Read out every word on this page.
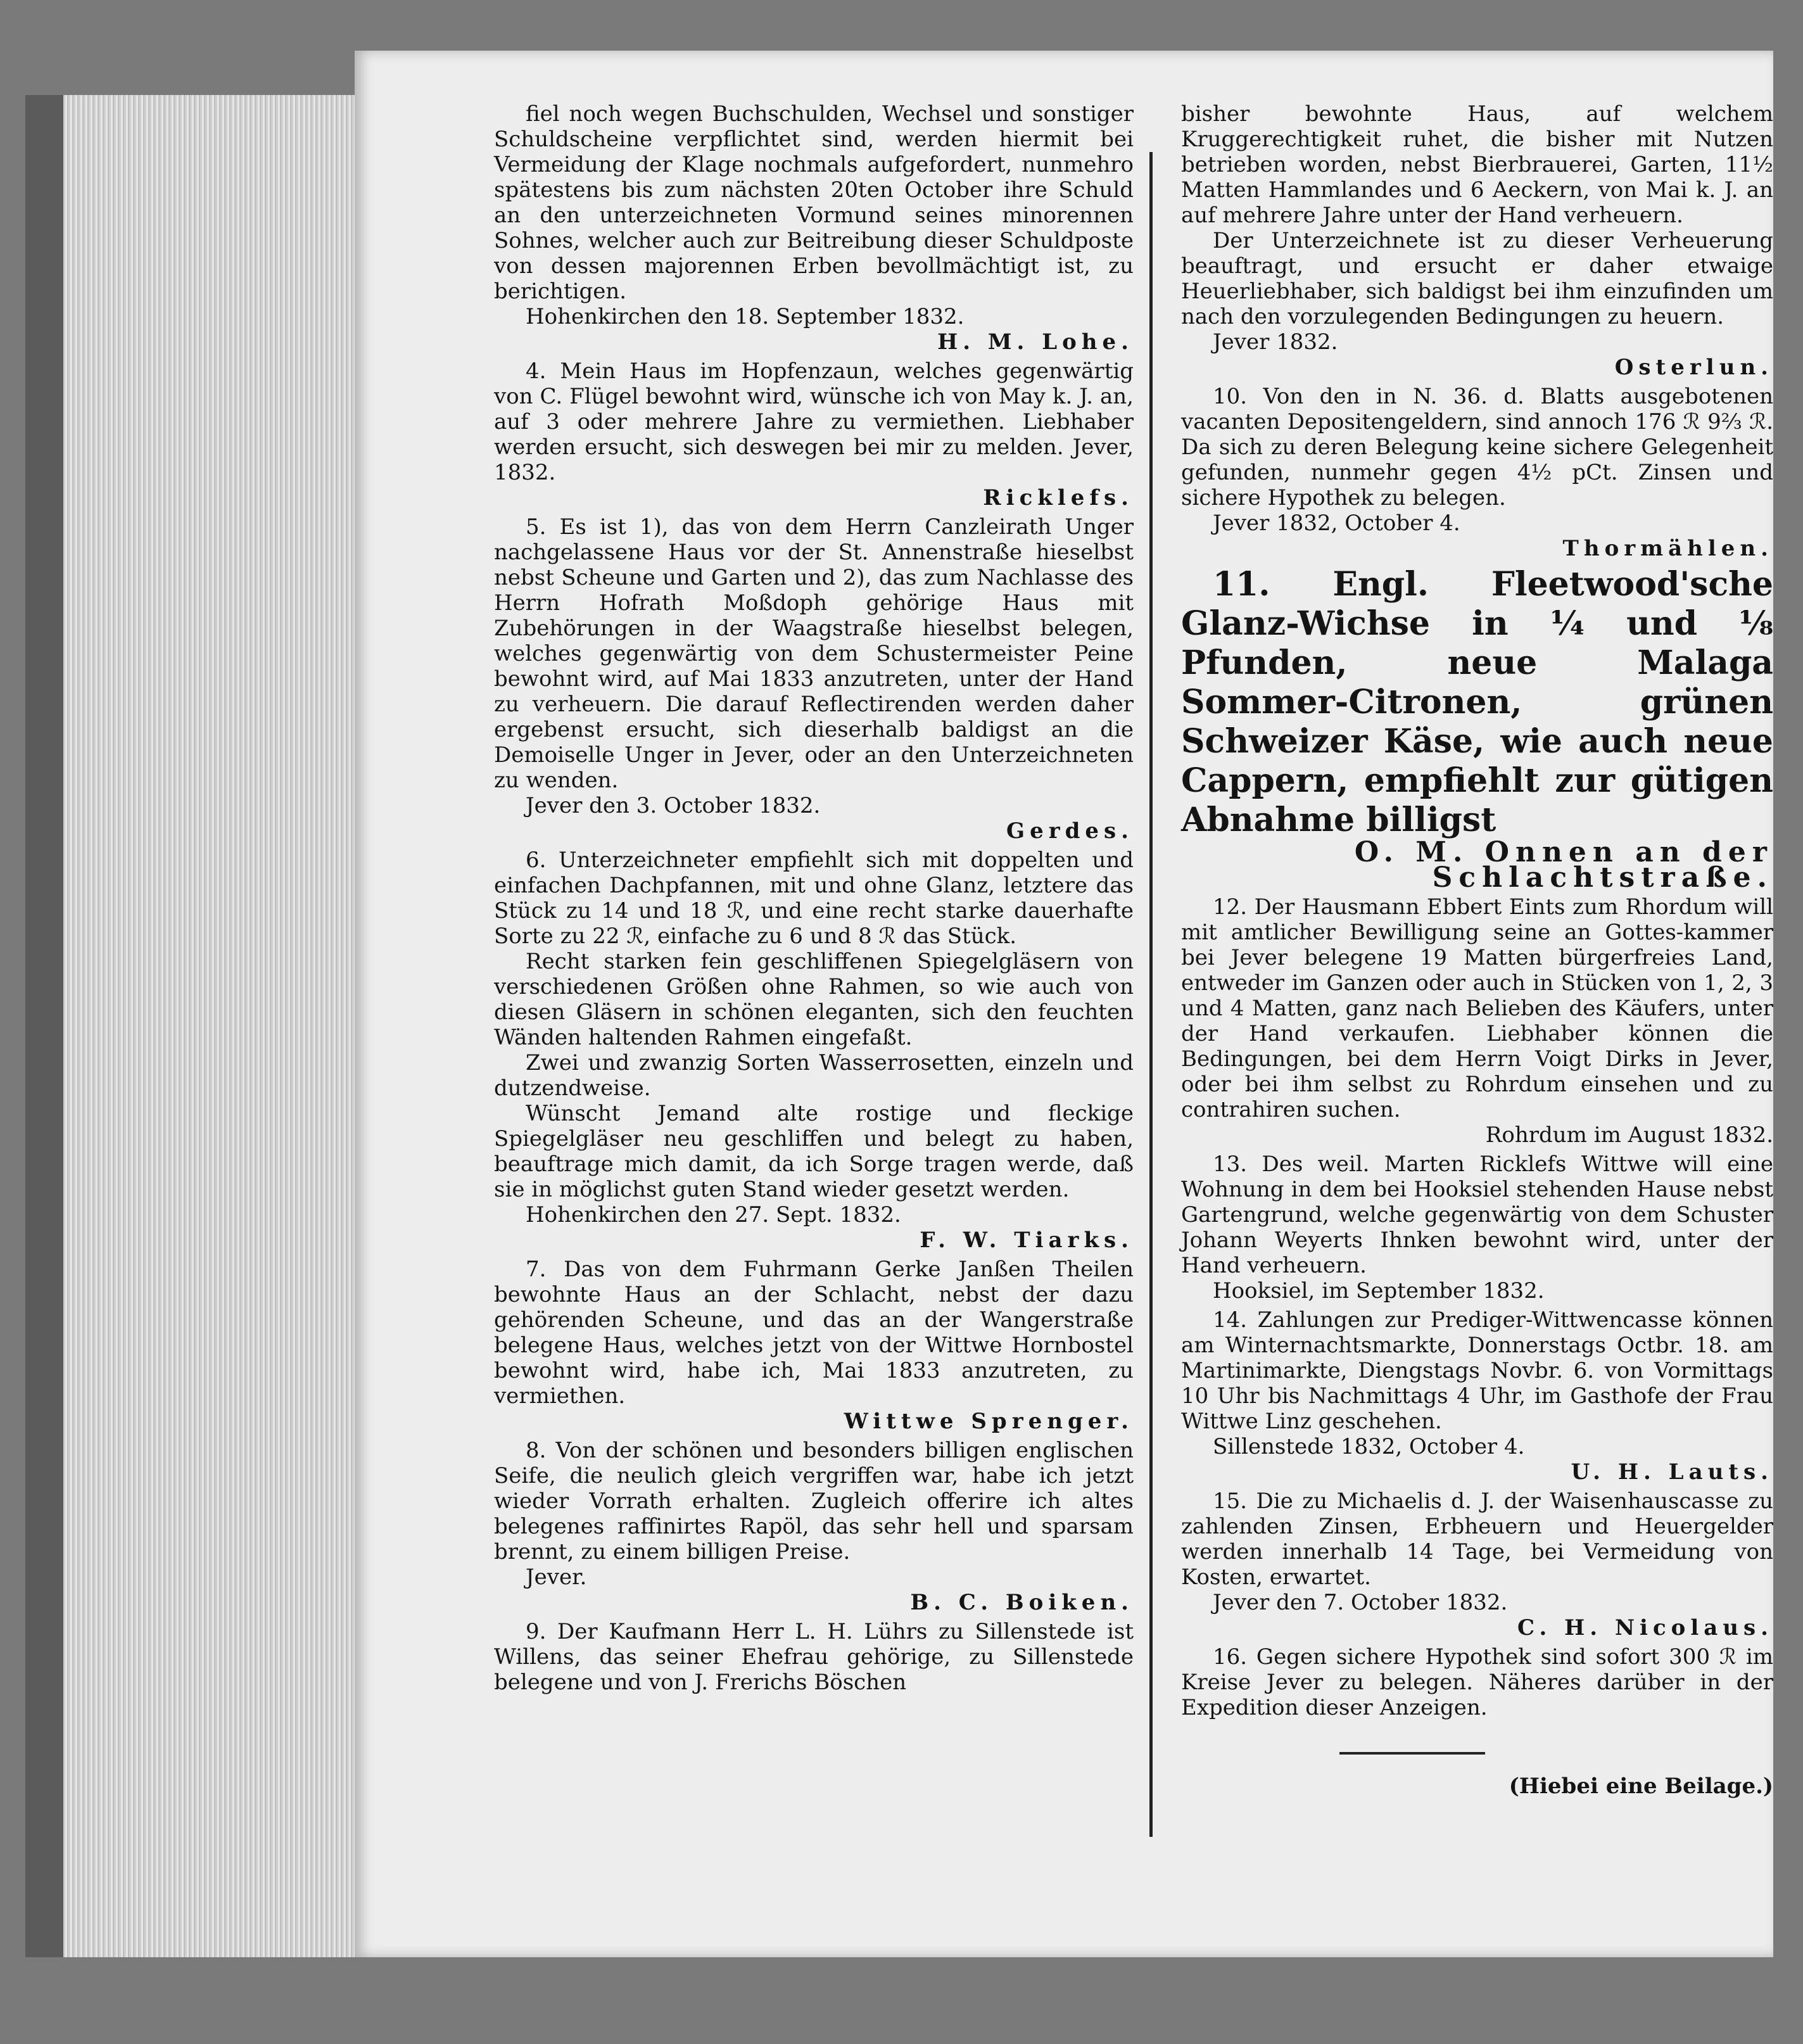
fiel noch wegen Buchschulden, Wechsel und sonstiger Schuldscheine verpflichtet sind, werden hiermit bei Vermeidung der Klage nochmals aufgefordert, nunmehro spätestens bis zum nächsten 20ten October ihre Schuld an den unterzeichneten Vormund seines minorennen Sohnes, welcher auch zur Beitreibung dieser Schuldposte von dessen majorennen Erben bevollmächtigt ist, zu berichtigen.

Hohenkirchen den 18. September 1832.

H. M. Lohe.

4. Mein Haus im Hopfenzaun, welches gegenwärtig von C. Flügel bewohnt wird, wünsche ich von May k. J. an, auf 3 oder mehrere Jahre zu vermiethen. Liebhaber werden ersucht, sich deswegen bei mir zu melden. Jever, 1832.

Ricklefs.

5. Es ist 1), das von dem Herrn Canzleirath Unger nachgelassene Haus vor der St. Annenstraße hieselbst nebst Scheune und Garten und 2), das zum Nachlasse des Herrn Hofrath Moßdoph gehörige Haus mit Zubehörungen in der Waagstraße hieselbst belegen, welches gegenwärtig von dem Schustermeister Peine bewohnt wird, auf Mai 1833 anzutreten, unter der Hand zu verheuern. Die darauf Reflectirenden werden daher ergebenst ersucht, sich dieserhalb baldigst an die Demoiselle Unger in Jever, oder an den Unterzeichneten zu wenden.

Jever den 3. October 1832.

Gerdes.

6. Unterzeichneter empfiehlt sich mit doppelten und einfachen Dachpfannen, mit und ohne Glanz, letztere das Stück zu 14 und 18 ℛ, und eine recht starke dauerhafte Sorte zu 22 ℛ, einfache zu 6 und 8 ℛ das Stück.

Recht starken fein geschliffenen Spiegelgläsern von verschiedenen Größen ohne Rahmen, so wie auch von diesen Gläsern in schönen eleganten, sich den feuchten Wänden haltenden Rahmen eingefaßt.

Zwei und zwanzig Sorten Wasserrosetten, einzeln und dutzendweise.

Wünscht Jemand alte rostige und fleckige Spiegelgläser neu geschliffen und belegt zu haben, beauftrage mich damit, da ich Sorge tragen werde, daß sie in möglichst guten Stand wieder gesetzt werden.

Hohenkirchen den 27. Sept. 1832.

F. W. Tiarks.

7. Das von dem Fuhrmann Gerke Janßen Theilen bewohnte Haus an der Schlacht, nebst der dazu gehörenden Scheune, und das an der Wangerstraße belegene Haus, welches jetzt von der Wittwe Hornbostel bewohnt wird, habe ich, Mai 1833 anzutreten, zu vermiethen.

Wittwe Sprenger.

8. Von der schönen und besonders billigen englischen Seife, die neulich gleich vergriffen war, habe ich jetzt wieder Vorrath erhalten. Zugleich offerire ich altes belegenes raffinirtes Rapöl, das sehr hell und sparsam brennt, zu einem billigen Preise.

Jever.

B. C. Boiken.

9. Der Kaufmann Herr L. H. Lührs zu Sillenstede ist Willens, das seiner Ehefrau gehörige, zu Sillenstede belegene und von J. Frerichs Böschen

bisher bewohnte Haus, auf welchem Kruggerechtigkeit ruhet, die bisher mit Nutzen betrieben worden, nebst Bierbrauerei, Garten, 11½ Matten Hammlandes und 6 Aeckern, von Mai k. J. an auf mehrere Jahre unter der Hand verheuern.

Der Unterzeichnete ist zu dieser Verheuerung beauftragt, und ersucht er daher etwaige Heuerliebhaber, sich baldigst bei ihm einzufinden um nach den vorzulegenden Bedingungen zu heuern.

Jever 1832.

Osterlun.

10. Von den in N. 36. d. Blatts ausgebotenen vacanten Depositengeldern, sind annoch 176 ℛ 9⅔ ℛ. Da sich zu deren Belegung keine sichere Gelegenheit gefunden, nunmehr gegen 4½ pCt. Zinsen und sichere Hypothek zu belegen.

Jever 1832, October 4.

Thormählen.

11. Engl. Fleetwood'sche Glanz-Wichse in ¼ und ⅛ Pfunden, neue Malaga Sommer-Citronen, grünen Schweizer Käse, wie auch neue Cappern, empfiehlt zur gütigen Abnahme billigst

O. M. Onnen an der Schlachtstraße.

12. Der Hausmann Ebbert Eints zum Rhordum will mit amtlicher Bewilligung seine an Gottes-kammer bei Jever belegene 19 Matten bürgerfreies Land, entweder im Ganzen oder auch in Stücken von 1, 2, 3 und 4 Matten, ganz nach Belieben des Käufers, unter der Hand verkaufen. Liebhaber können die Bedingungen, bei dem Herrn Voigt Dirks in Jever, oder bei ihm selbst zu Rohrdum einsehen und zu contrahiren suchen.

Rohrdum im August 1832.

13. Des weil. Marten Ricklefs Wittwe will eine Wohnung in dem bei Hooksiel stehenden Hause nebst Gartengrund, welche gegenwärtig von dem Schuster Johann Weyerts Ihnken bewohnt wird, unter der Hand verheuern.

Hooksiel, im September 1832.

14. Zahlungen zur Prediger-Wittwencasse können am Winternachtsmarkte, Donnerstags Octbr. 18. am Martinimarkte, Diengstags Novbr. 6. von Vormittags 10 Uhr bis Nachmittags 4 Uhr, im Gasthofe der Frau Wittwe Linz geschehen.

Sillenstede 1832, October 4.

U. H. Lauts.

15. Die zu Michaelis d. J. der Waisenhauscasse zu zahlenden Zinsen, Erbheuern und Heuergelder werden innerhalb 14 Tage, bei Vermeidung von Kosten, erwartet.

Jever den 7. October 1832.

C. H. Nicolaus.

16. Gegen sichere Hypothek sind sofort 300 ℛ im Kreise Jever zu belegen. Näheres darüber in der Expedition dieser Anzeigen.

(Hiebei eine Beilage.)
